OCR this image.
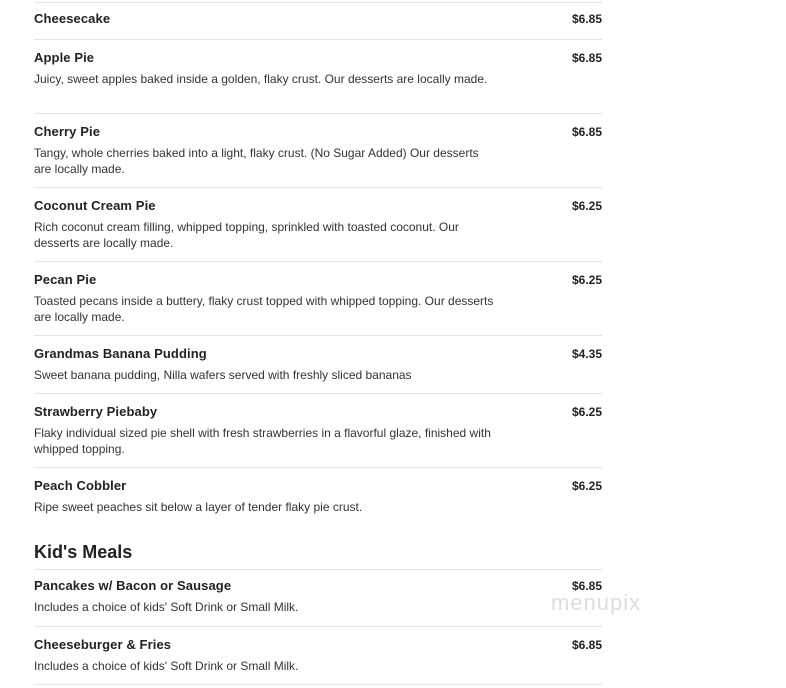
Cheesecake	$6.85
Apple Pie	$6.85
Juicy, sweet apples baked inside a golden, flaky crust. Our desserts are locally made.
Cherry Pie	$6.85
Tangy, whole cherries baked into a light, flaky crust. (No Sugar Added) Our desserts are locally made.
Coconut Cream Pie	$6.25
Rich coconut cream filling, whipped topping, sprinkled with toasted coconut. Our desserts are locally made.
Pecan Pie	$6.25
Toasted pecans inside a buttery, flaky crust topped with whipped topping. Our desserts are locally made.
Grandmas Banana Pudding	$4.35
Sweet banana pudding, Nilla wafers served with freshly sliced bananas
Strawberry Piebaby	$6.25
Flaky individual sized pie shell with fresh strawberries in a flavorful glaze, finished with whipped topping.
Peach Cobbler	$6.25
Ripe sweet peaches sit below a layer of tender flaky pie crust.
Kid's Meals
Pancakes w/ Bacon or Sausage	$6.85
Includes a choice of kids' Soft Drink or Small Milk.
Cheeseburger & Fries	$6.85
Includes a choice of kids' Soft Drink or Small Milk.
menupix
